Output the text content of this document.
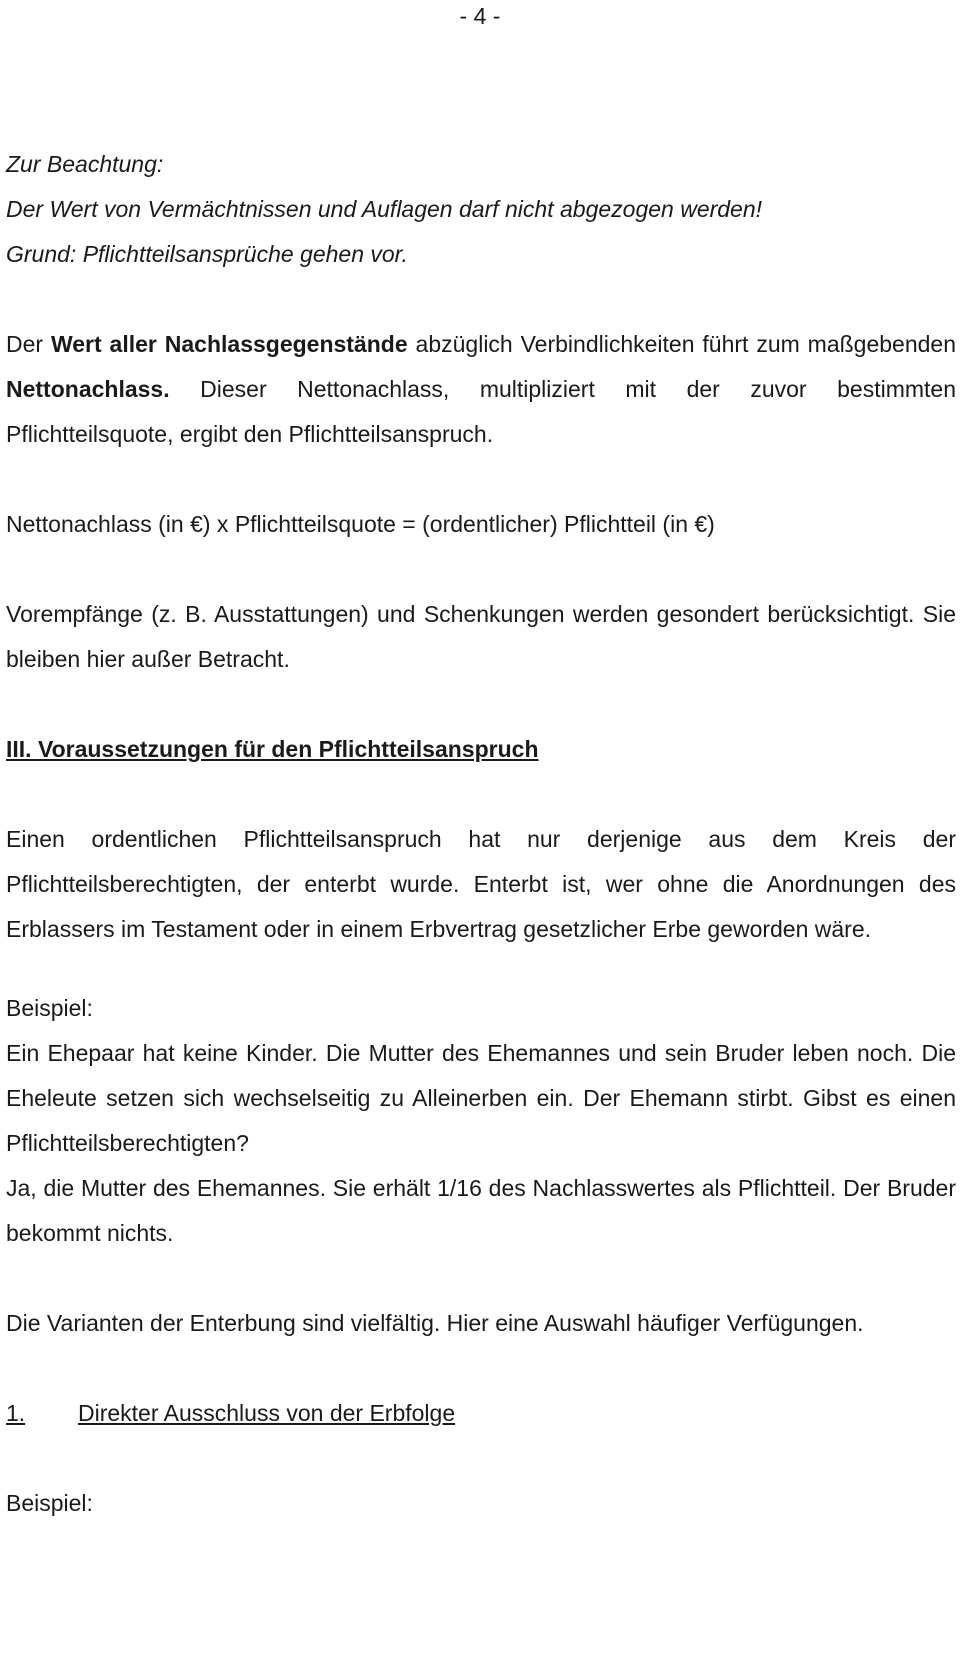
- 4 -

Zur Beachtung:

Der Wert von Vermächtnissen und Auflagen darf nicht abgezogen werden!

Grund: Pflichtteilsansprüche gehen vor.

Der Wert aller Nachlassgegenstände abzüglich Verbindlichkeiten führt zum maßgebenden Nettonachlass. Dieser Nettonachlass, multipliziert mit der zuvor bestimmten Pflichtteilsquote, ergibt den Pflichtteilsanspruch.

Nettonachlass (in €) x Pflichtteilsquote = (ordentlicher) Pflichtteil (in €)

Vorempfänge (z. B. Ausstattungen) und Schenkungen werden gesondert berücksichtigt. Sie bleiben hier außer Betracht.

III. Voraussetzungen für den Pflichtteilsanspruch

Einen ordentlichen Pflichtteilsanspruch hat nur derjenige aus dem Kreis der Pflichtteilsberechtigten, der enterbt wurde. Enterbt ist, wer ohne die Anordnungen des Erblassers im Testament oder in einem Erbvertrag gesetzlicher Erbe geworden wäre.

Beispiel:

Ein Ehepaar hat keine Kinder. Die Mutter des Ehemannes und sein Bruder leben noch. Die Eheleute setzen sich wechselseitig zu Alleinerben ein. Der Ehemann stirbt. Gibst es einen Pflichtteilsberechtigten?

Ja, die Mutter des Ehemannes. Sie erhält 1/16 des Nachlasswertes als Pflichtteil. Der Bruder bekommt nichts.

Die Varianten der Enterbung sind vielfältig. Hier eine Auswahl häufiger Verfügungen.

1. Direkter Ausschluss von der Erbfolge

Beispiel:
